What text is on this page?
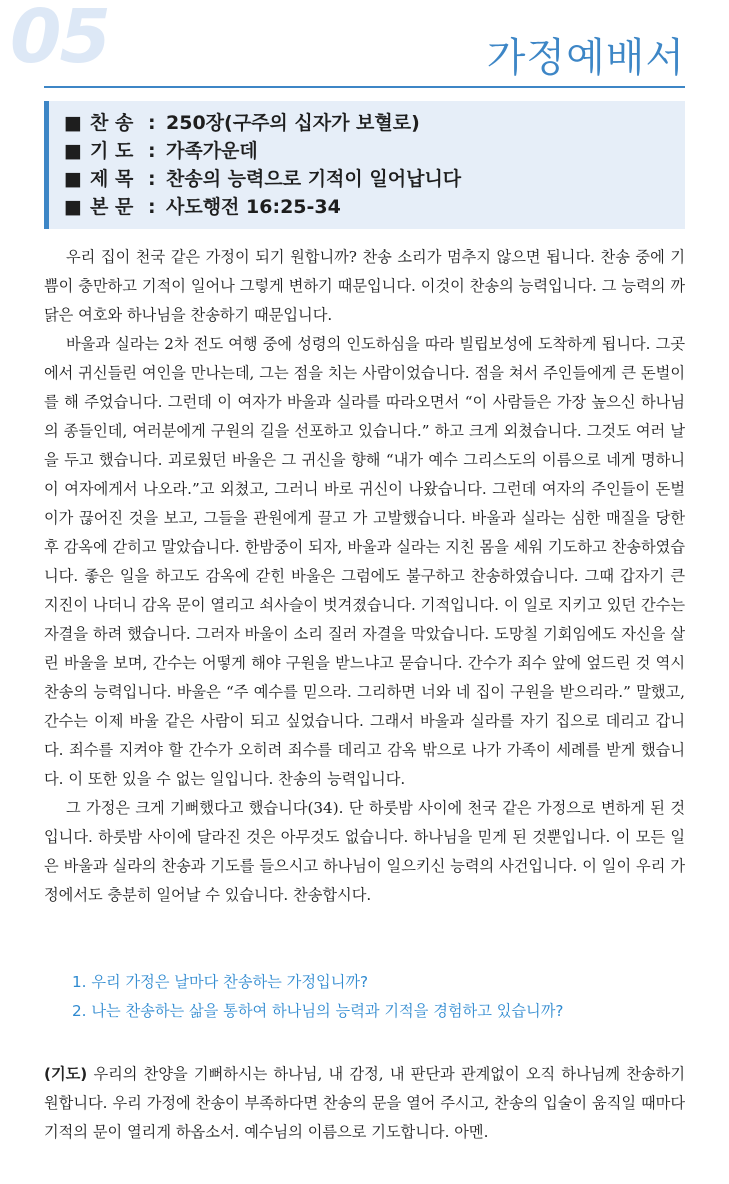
05	가정예배서
■ 찬 송 : 250장(구주의 십자가 보혈로)
■ 기 도 : 가족가운데
■ 제 목 : 찬송의 능력으로 기적이 일어납니다
■ 본 문 : 사도행전 16:25-34

우리 집이 천국 같은 가정이 되기 원합니까? 찬송 소리가 멈추지 않으면 됩니다. 찬송 중에 기쁨이 충만하고 기적이 일어나 그렇게 변하기 때문입니다. 이것이 찬송의 능력입니다. 그 능력의 까닭은 여호와 하나님을 찬송하기 때문입니다.

바울과 실라는 2차 전도 여행 중에 성령의 인도하심을 따라 빌립보성에 도착하게 됩니다. 그곳에서 귀신들린 여인을 만나는데, 그는 점을 치는 사람이었습니다. 점을 쳐서 주인들에게 큰 돈벌이를 해 주었습니다. 그런데 이 여자가 바울과 실라를 따라오면서 “이 사람들은 가장 높으신 하나님의 종들인데, 여러분에게 구원의 길을 선포하고 있습니다.” 하고 크게 외쳤습니다. 그것도 여러 날을 두고 했습니다. 괴로웠던 바울은 그 귀신을 향해 “내가 예수 그리스도의 이름으로 네게 명하니 이 여자에게서 나오라.”고 외쳤고, 그러니 바로 귀신이 나왔습니다. 그런데 여자의 주인들이 돈벌이가 끊어진 것을 보고, 그들을 관원에게 끌고 가 고발했습니다. 바울과 실라는 심한 매질을 당한 후 감옥에 갇히고 말았습니다. 한밤중이 되자, 바울과 실라는 지친 몸을 세워 기도하고 찬송하였습니다. 좋은 일을 하고도 감옥에 갇힌 바울은 그럼에도 불구하고 찬송하였습니다. 그때 갑자기 큰 지진이 나더니 감옥 문이 열리고 쇠사슬이 벗겨졌습니다. 기적입니다. 이 일로 지키고 있던 간수는 자결을 하려 했습니다. 그러자 바울이 소리 질러 자결을 막았습니다. 도망칠 기회임에도 자신을 살린 바울을 보며, 간수는 어떻게 해야 구원을 받느냐고 묻습니다. 간수가 죄수 앞에 엎드린 것 역시 찬송의 능력입니다. 바울은 “주 예수를 믿으라. 그리하면 너와 네 집이 구원을 받으리라.” 말했고, 간수는 이제 바울 같은 사람이 되고 싶었습니다. 그래서 바울과 실라를 자기 집으로 데리고 갑니다. 죄수를 지켜야 할 간수가 오히려 죄수를 데리고 감옥 밖으로 나가 가족이 세례를 받게 했습니다. 이 또한 있을 수 없는 일입니다. 찬송의 능력입니다.

그 가정은 크게 기뻐했다고 했습니다(34). 단 하룻밤 사이에 천국 같은 가정으로 변하게 된 것입니다. 하룻밤 사이에 달라진 것은 아무것도 없습니다. 하나님을 믿게 된 것뿐입니다. 이 모든 일은 바울과 실라의 찬송과 기도를 들으시고 하나님이 일으키신 능력의 사건입니다. 이 일이 우리 가정에서도 충분히 일어날 수 있습니다. 찬송합시다.

1. 우리 가정은 날마다 찬송하는 가정입니까?
2. 나는 찬송하는 삶을 통하여 하나님의 능력과 기적을 경험하고 있습니까?
(기도) 우리의 찬양을 기뻐하시는 하나님, 내 감정, 내 판단과 관계없이 오직 하나님께 찬송하기 원합니다. 우리 가정에 찬송이 부족하다면 찬송의 문을 열어 주시고, 찬송의 입술이 움직일 때마다 기적의 문이 열리게 하옵소서. 예수님의 이름으로 기도합니다. 아멘.
